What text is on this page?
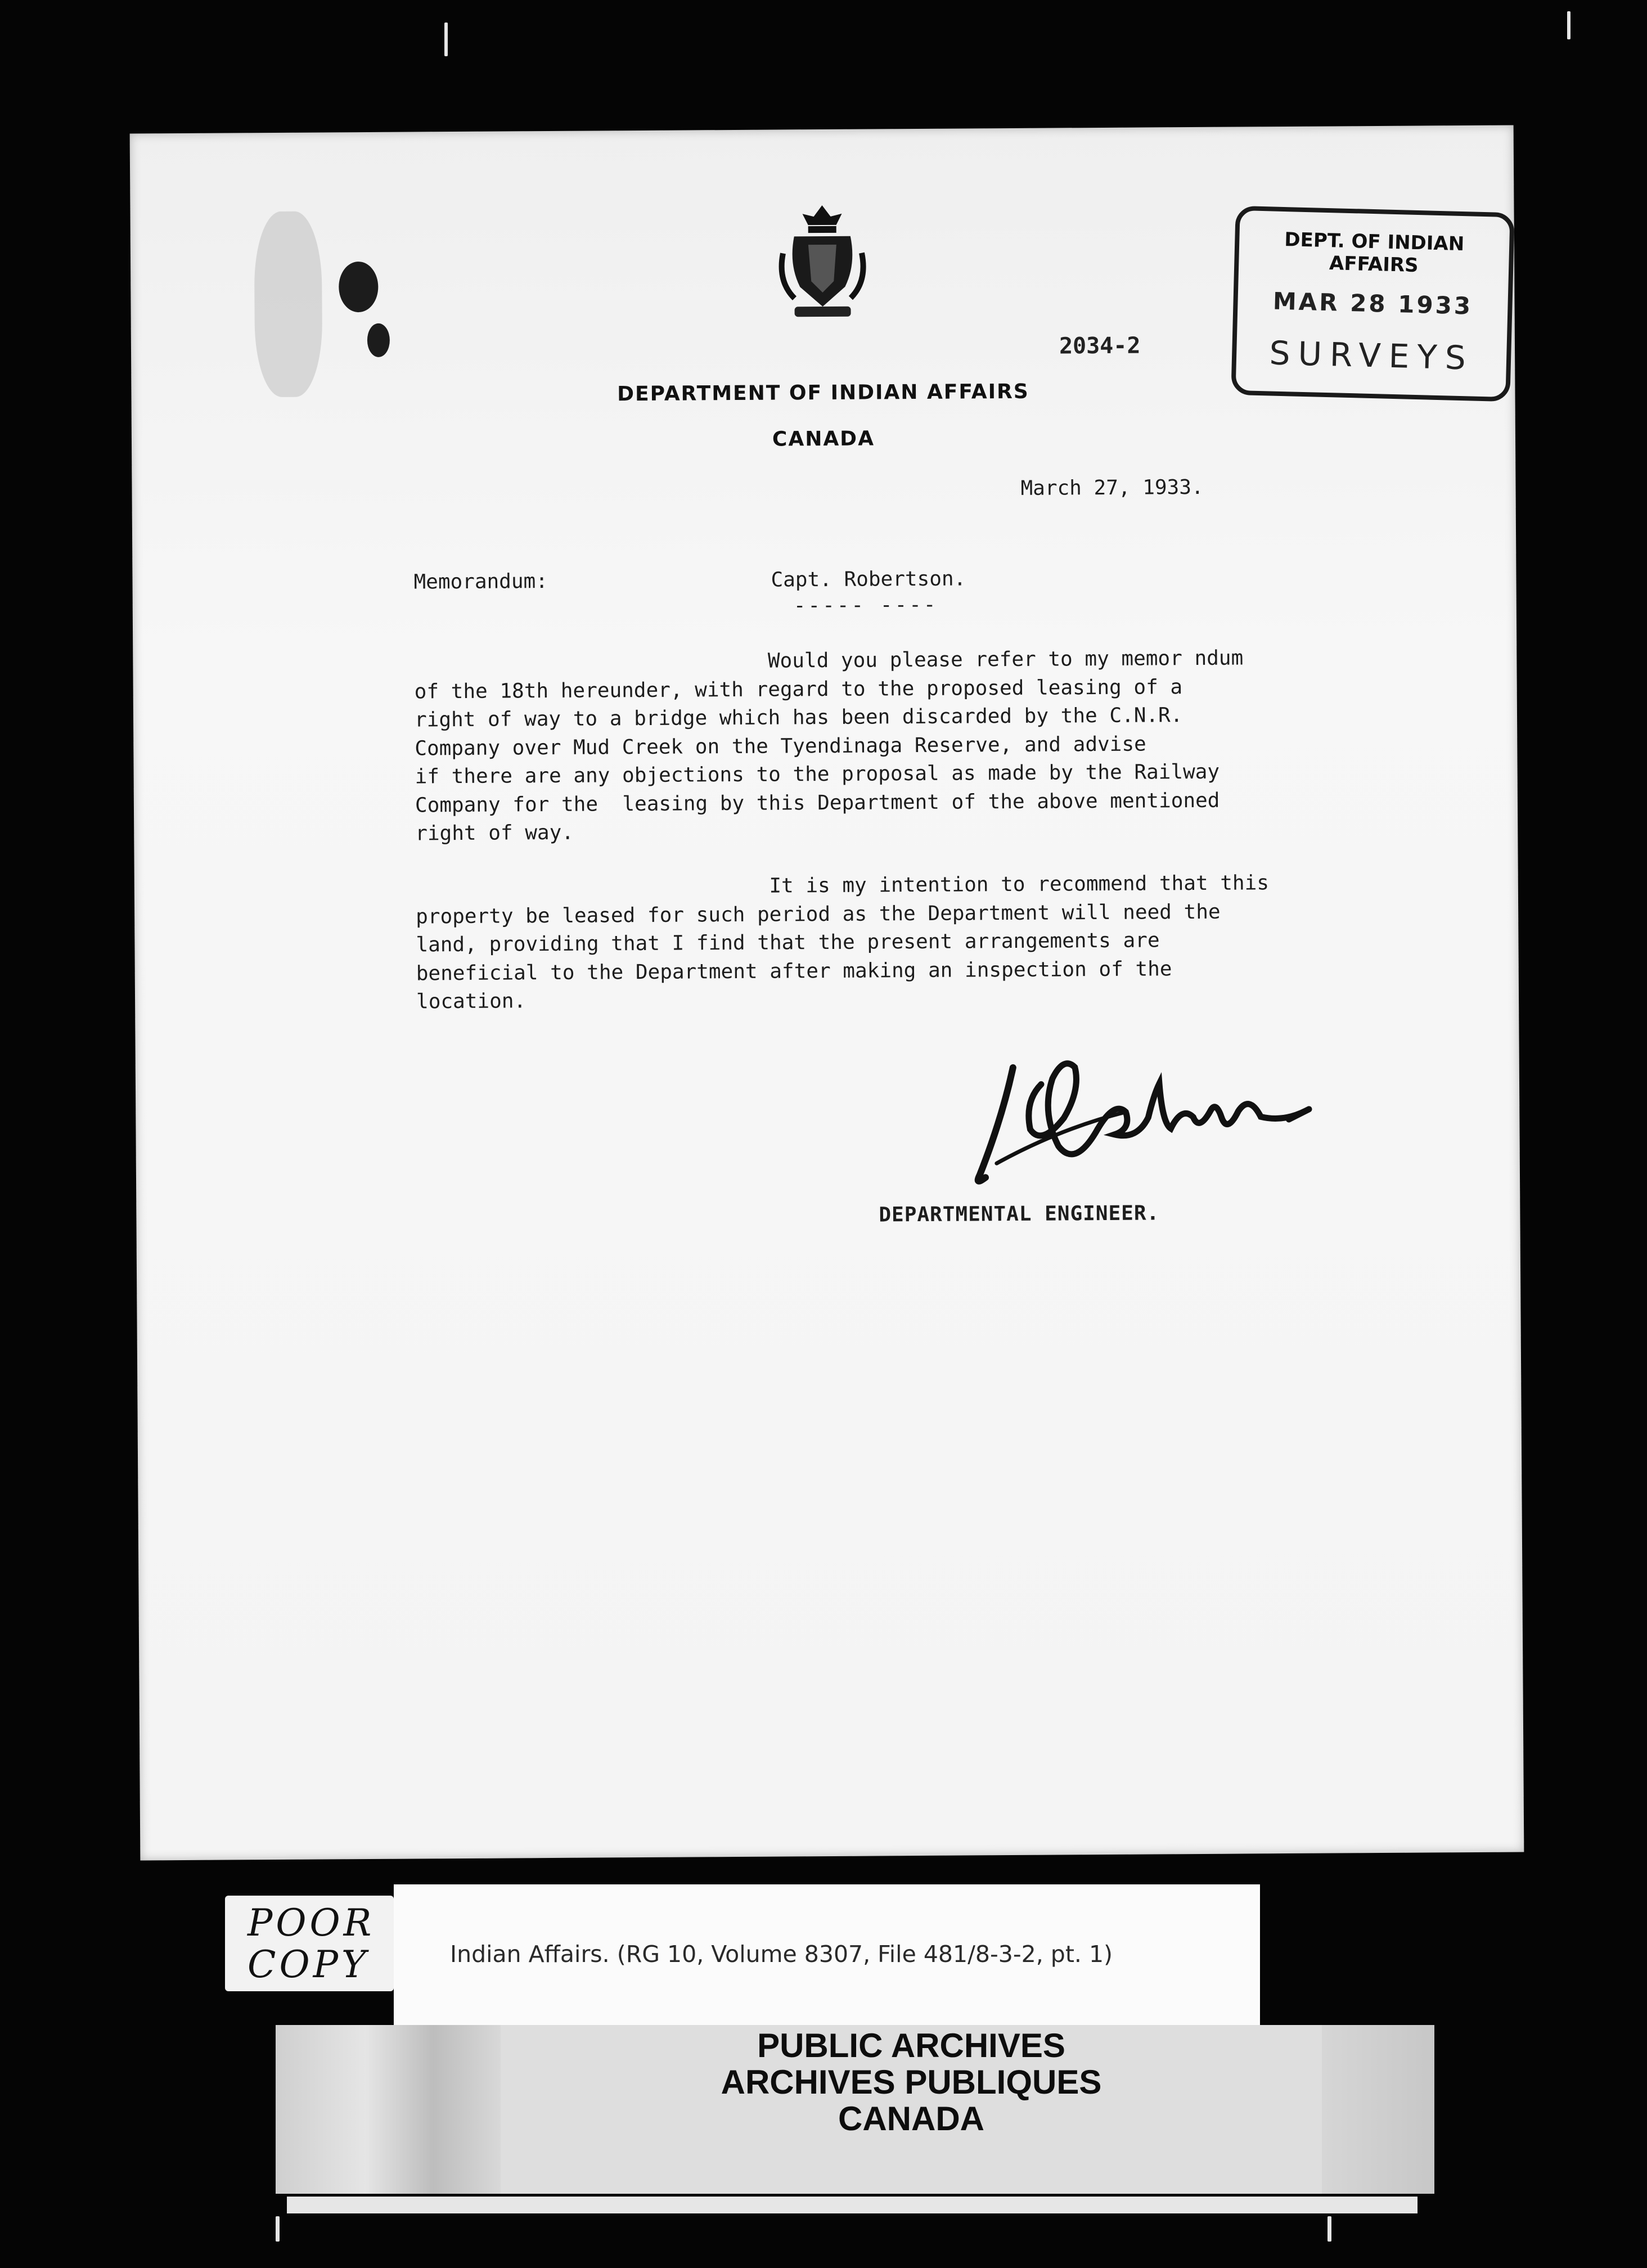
2034-2
DEPARTMENT OF INDIAN AFFAIRS
CANADA
DEPT. OF INDIAN AFFAIRS
MAR 28 1933
SURVEYS
March 27, 1933.
Memorandum:	Capt. Robertson.
----- ----
Would you please refer to my memor ndum
of the 18th hereunder, with regard to the proposed leasing of a
right of way to a bridge which has been discarded by the C.N.R.
Company over Mud Creek on the Tyendinaga Reserve, and advise
if there are any objections to the proposal as made by the Railway
Company for the  leasing by this Department of the above mentioned
right of way.
It is my intention to recommend that this
property be leased for such period as the Department will need the
land, providing that I find that the present arrangements are
beneficial to the Department after making an inspection of the
location.
DEPARTMENTAL ENGINEER.
POOR
COPY	Indian Affairs. (RG 10, Volume 8307, File 481/8-3-2, pt. 1)
PUBLIC ARCHIVES
ARCHIVES PUBLIQUES
CANADA
